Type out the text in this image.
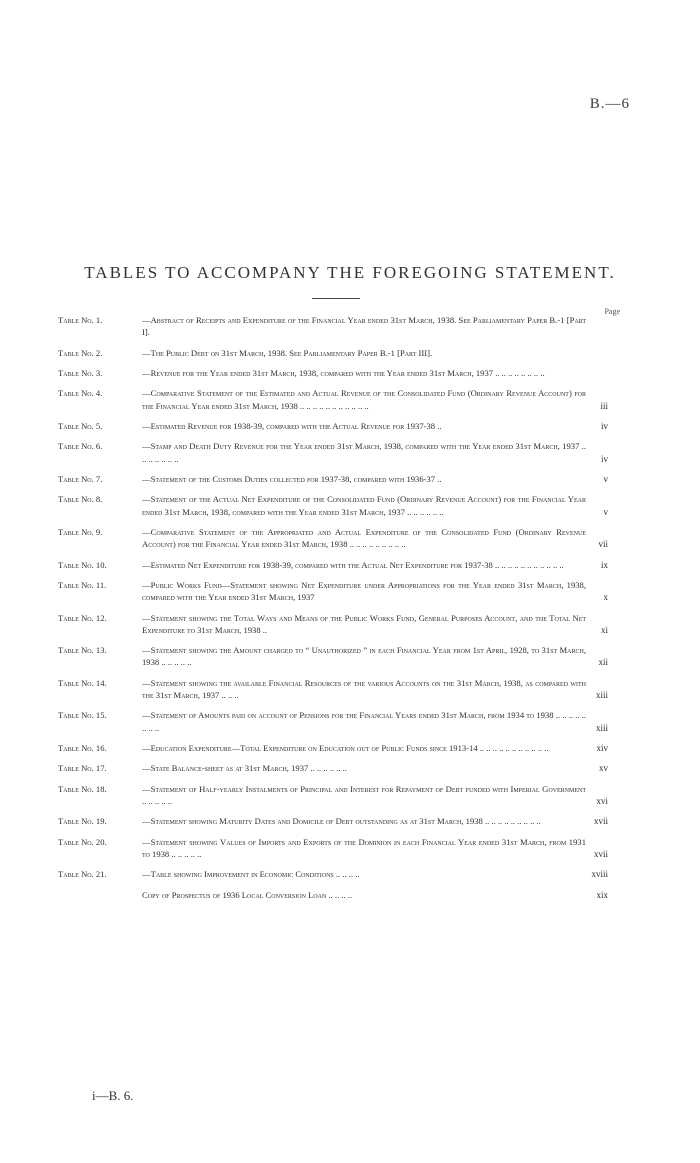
B.—6
TABLES TO ACCOMPANY THE FOREGOING STATEMENT.
Page
Table No. 1.	—Abstract of Receipts and Expenditure of the Financial Year ended 31st March, 1938. See Parliamentary Paper B.-1 [Part I].
Table No. 2.	—The Public Debt on 31st March, 1938. See Parliamentary Paper B.-1 [Part III].
Table No. 3.	—Revenue for the Year ended 31st March, 1938, compared with the Year ended 31st March, 1937 .. .. .. .. .. .. .. ..
Table No. 4.	—Comparative Statement of the Estimated and Actual Revenue of the Consolidated Fund (Ordinary Revenue Account) for the Financial Year ended 31st March, 1938 .. .. .. .. .. .. .. .. .. .. ..	iii
Table No. 5.	—Estimated Revenue for 1938-39, compared with the Actual Revenue for 1937-38 ..	iv
Table No. 6.	—Stamp and Death Duty Revenue for the Year ended 31st March, 1938, compared with the Year ended 31st March, 1937 .. .. .. .. .. .. ..	iv
Table No. 7.	—Statement of the Customs Duties collected for 1937-38, compared with 1936-37 ..	v
Table No. 8.	—Statement of the Actual Net Expenditure of the Consolidated Fund (Ordinary Revenue Account) for the Financial Year ended 31st March, 1938, compared with the Year ended 31st March, 1937 .. .. .. .. .. ..	v
Table No. 9.	—Comparative Statement of the Appropriated and Actual Expenditure of the Consolidated Fund (Ordinary Revenue Account) for the Financial Year ended 31st March, 1938 .. .. .. .. .. .. .. .. ..	vii
Table No. 10.	—Estimated Net Expenditure for 1938-39, compared with the Actual Net Expenditure for 1937-38 .. .. .. .. .. .. .. .. .. .. ..	ix
Table No. 11.	—Public Works Fund—Statement showing Net Expenditure under Appropriations for the Year ended 31st March, 1938, compared with the Year ended 31st March, 1937	x
Table No. 12.	—Statement showing the Total Ways and Means of the Public Works Fund, General Purposes Account, and the Total Net Expenditure to 31st March, 1938 ..	xi
Table No. 13.	—Statement showing the Amount charged to “ Unauthorized ” in each Financial Year from 1st April, 1928, to 31st March, 1938 .. .. .. .. ..	xii
Table No. 14.	—Statement showing the available Financial Resources of the various Accounts on the 31st March, 1938, as compared with the 31st March, 1937 .. .. ..	xiii
Table No. 15.	—Statement of Amounts paid on account of Pensions for the Financial Years ended 31st March, from 1934 to 1938 .. .. .. .. .. .. .. ..	xiii
Table No. 16.	—Education Expenditure—Total Expenditure on Education out of Public Funds since 1913-14 .. .. .. .. .. .. .. .. .. .. ..	xiv
Table No. 17.	—State Balance-sheet as at 31st March, 1937 .. .. .. .. .. ..	xv
Table No. 18.	—Statement of Half-yearly Instalments of Principal and Interest for Repayment of Debt funded with Imperial Government .. .. .. .. ..	xvi
Table No. 19.	—Statement showing Maturity Dates and Domicile of Debt outstanding as at 31st March, 1938 .. .. .. .. .. .. .. .. ..	xvii
Table No. 20.	—Statement showing Values of Imports and Exports of the Dominion in each Financial Year ended 31st March, from 1931 to 1938 .. .. .. .. ..	xvii
Table No. 21.	—Table showing Improvement in Economic Conditions .. .. .. ..	xviii
Copy of Prospectus of 1936 Local Conversion Loan .. .. .. ..	xix
i—B. 6.
